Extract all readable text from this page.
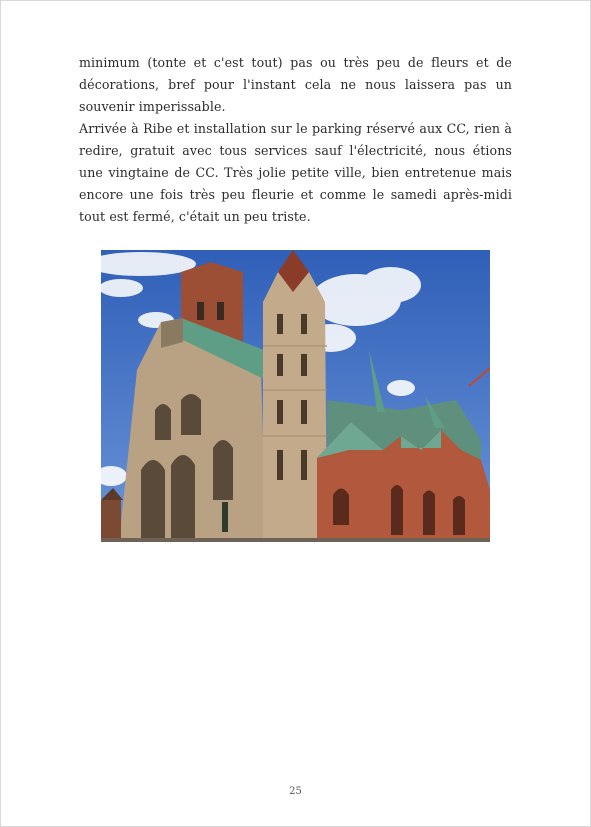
minimum (tonte et c'est tout) pas ou très peu de fleurs et de décorations, bref pour l'instant cela ne nous laissera pas un souvenir imperissable.

Arrivée à Ribe et installation sur le parking réservé aux CC, rien à redire, gratuit avec tous services sauf l'électricité, nous étions une vingtaine de CC. Très jolie petite ville, bien entretenue mais encore une fois très peu fleurie et comme le samedi après-midi tout est fermé, c'était un peu triste.

25
